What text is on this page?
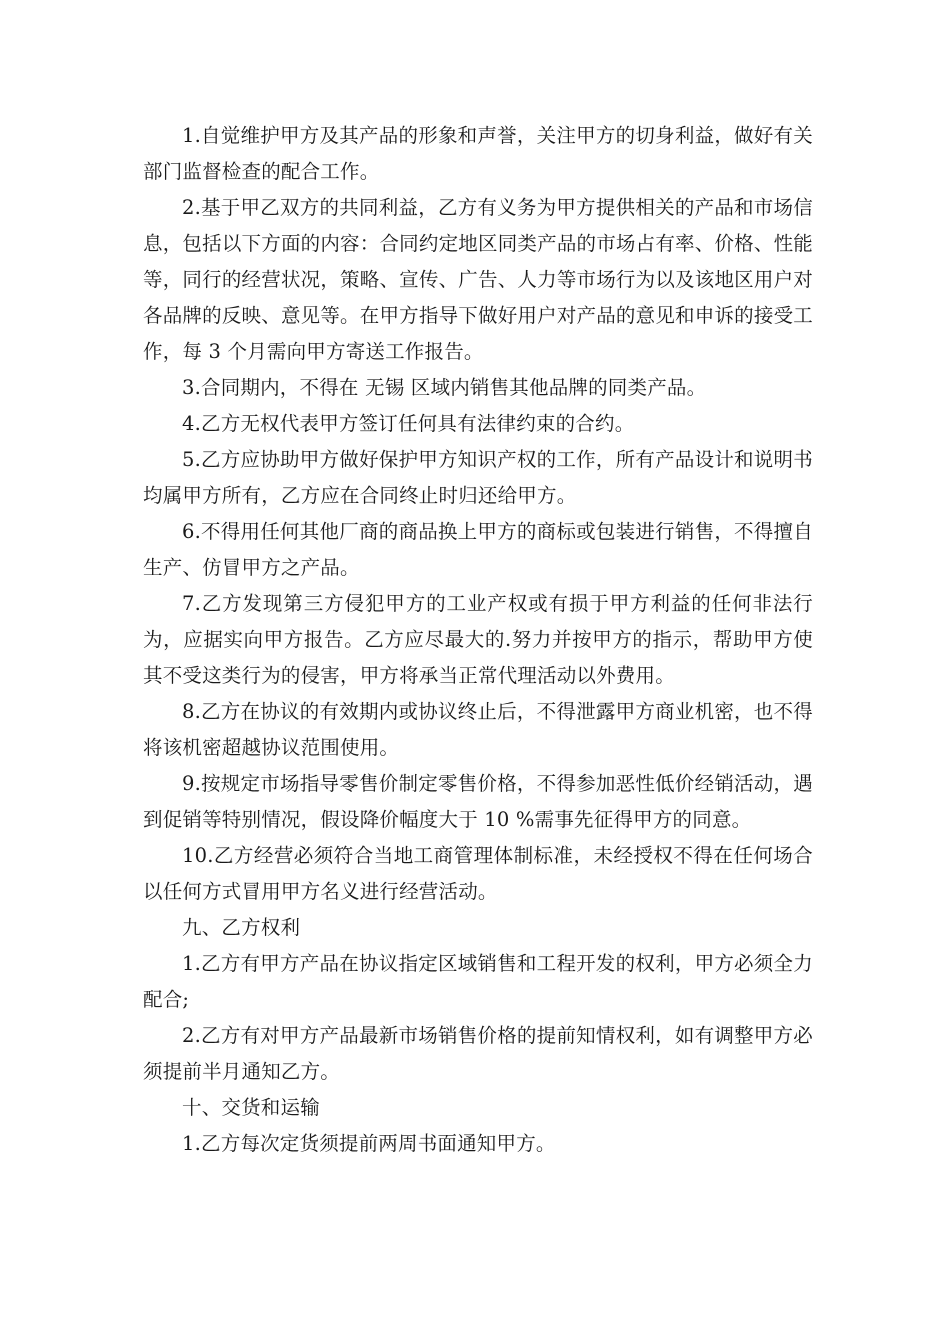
1.自觉维护甲方及其产品的形象和声誉，关注甲方的切身利益，做好有关部门监督检查的配合工作。

2.基于甲乙双方的共同利益，乙方有义务为甲方提供相关的产品和市场信息，包括以下方面的内容：合同约定地区同类产品的市场占有率、价格、性能等，同行的经营状况，策略、宣传、广告、人力等市场行为以及该地区用户对各品牌的反映、意见等。在甲方指导下做好用户对产品的意见和申诉的接受工作，每 3 个月需向甲方寄送工作报告。

3.合同期内，不得在 无锡 区域内销售其他品牌的同类产品。

4.乙方无权代表甲方签订任何具有法律约束的合约。

5.乙方应协助甲方做好保护甲方知识产权的工作，所有产品设计和说明书均属甲方所有，乙方应在合同终止时归还给甲方。

6.不得用任何其他厂商的商品换上甲方的商标或包装进行销售，不得擅自生产、仿冒甲方之产品。

7.乙方发现第三方侵犯甲方的工业产权或有损于甲方利益的任何非法行为，应据实向甲方报告。乙方应尽最大的.努力并按甲方的指示，帮助甲方使其不受这类行为的侵害，甲方将承当正常代理活动以外费用。

8.乙方在协议的有效期内或协议终止后，不得泄露甲方商业机密，也不得将该机密超越协议范围使用。

9.按规定市场指导零售价制定零售价格，不得参加恶性低价经销活动，遇到促销等特别情况，假设降价幅度大于 10 %需事先征得甲方的同意。

10.乙方经营必须符合当地工商管理体制标准，未经授权不得在任何场合以任何方式冒用甲方名义进行经营活动。

九、乙方权利

1.乙方有甲方产品在协议指定区域销售和工程开发的权利，甲方必须全力配合;

2.乙方有对甲方产品最新市场销售价格的提前知情权利，如有调整甲方必须提前半月通知乙方。

十、交货和运输

1.乙方每次定货须提前两周书面通知甲方。
